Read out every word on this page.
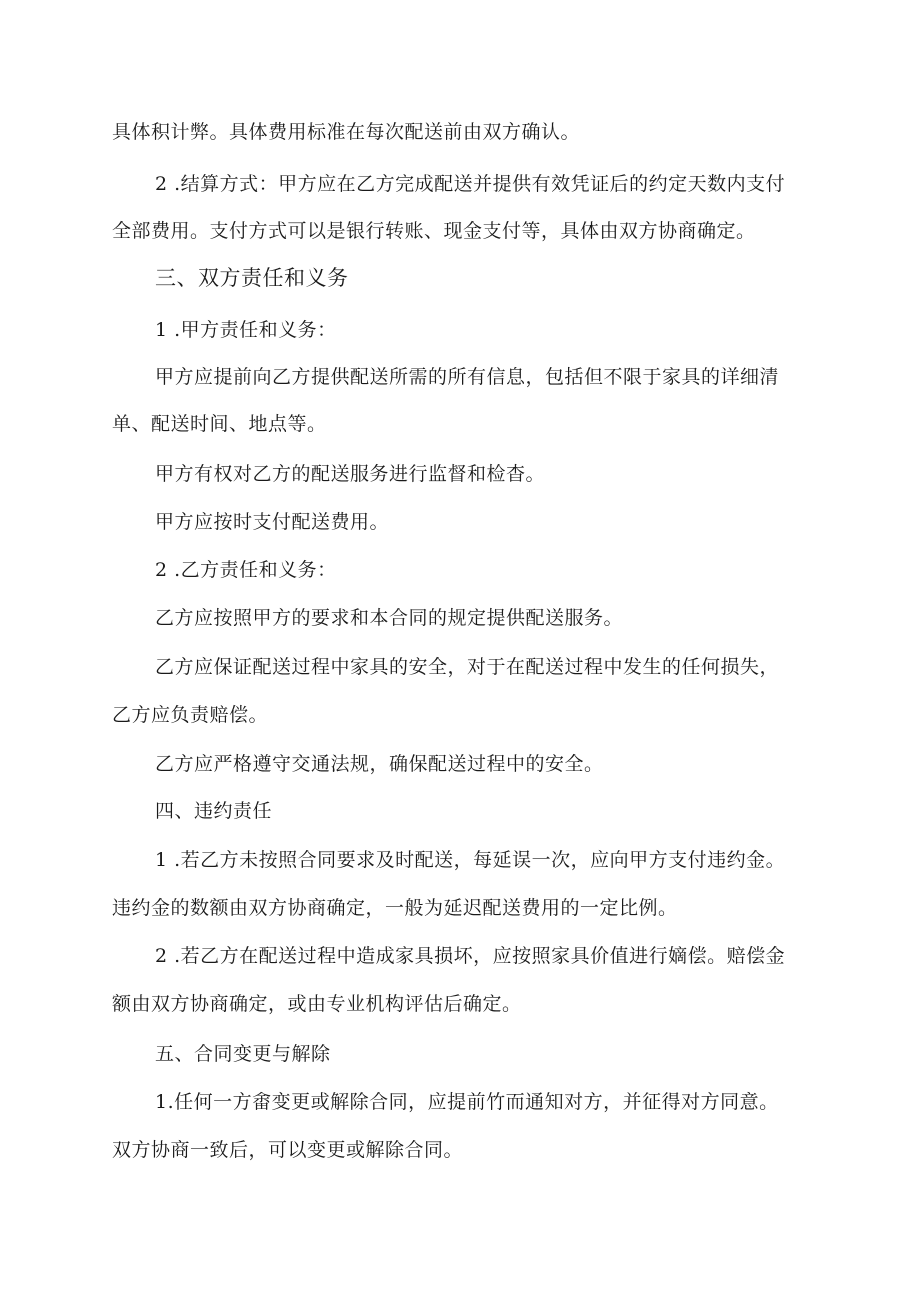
具体积计弊。具体费用标准在每次配送前由双方确认。
2 .结算方式：甲方应在乙方完成配送并提供有效凭证后的约定天数内支付
全部费用。支付方式可以是银行转账、现金支付等，具体由双方协商确定。
三、双方责任和义务
1 .甲方责任和义务：
甲方应提前向乙方提供配送所需的所有信息，包括但不限于家具的详细清
单、配送时间、地点等。
甲方有权对乙方的配送服务进行监督和检杳。
甲方应按时支付配送费用。
2 .乙方责任和义务：
乙方应按照甲方的要求和本合同的规定提供配送服务。
乙方应保证配送过程中家具的安全，对于在配送过程中发生的任何损失，
乙方应负责赔偿。
乙方应严格遵守交通法规，确保配送过程中的安全。
四、违约责任
1 .若乙方未按照合同要求及时配送，每延误一次，应向甲方支付违约金。
违约金的数额由双方协商确定，一般为延迟配送费用的一定比例。
2 .若乙方在配送过程中造成家具损坏，应按照家具价值进行嫡偿。赔偿金
额由双方协商确定，或由专业机构评估后确定。
五、合同变更与解除
1.任何一方畬变更或解除合同，应提前竹而通知对方，并征得对方同意。
双方协商一致后，可以变更或解除合同。
